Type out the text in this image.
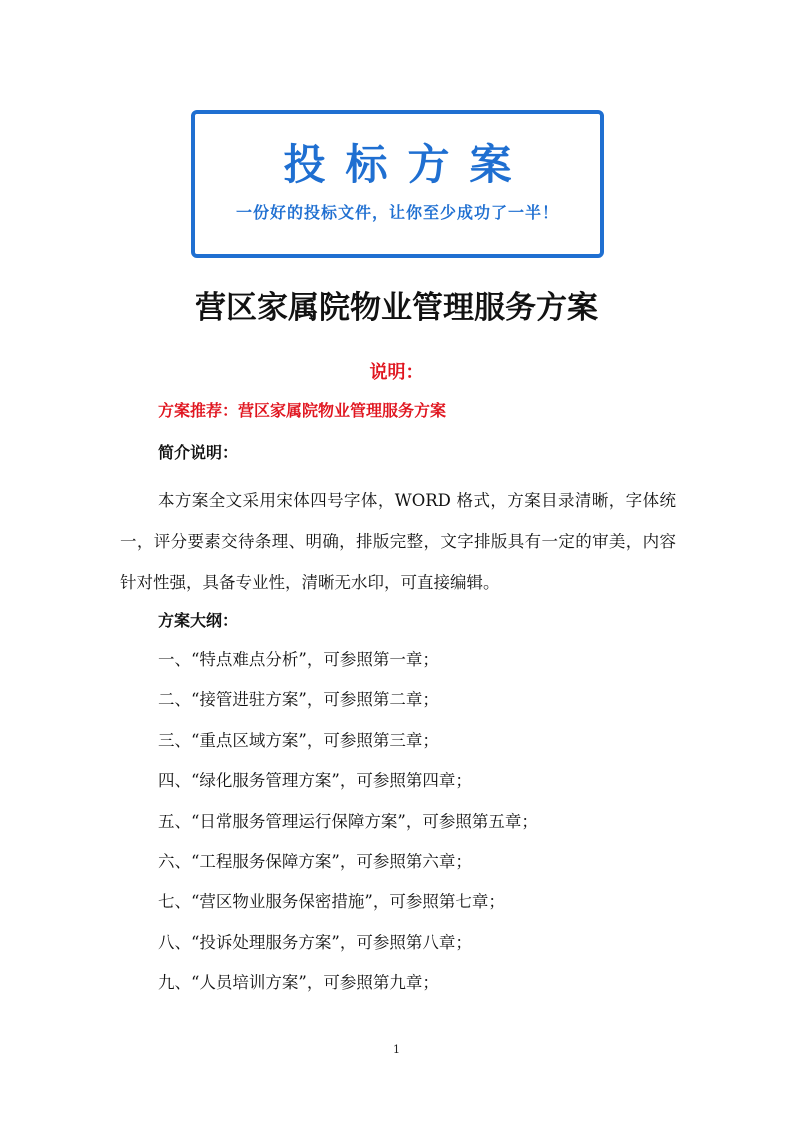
投标方案
一份好的投标文件，让你至少成功了一半！
营区家属院物业管理服务方案
说明：
方案推荐：营区家属院物业管理服务方案
简介说明：

本方案全文采用宋体四号字体，WORD 格式，方案目录清晰，字体统一，评分要素交待条理、明确，排版完整，文字排版具有一定的审美，内容针对性强，具备专业性，清晰无水印，可直接编辑。

方案大纲：
一、“特点难点分析”，可参照第一章；
二、“接管进驻方案”，可参照第二章；
三、“重点区域方案”，可参照第三章；
四、“绿化服务管理方案”，可参照第四章；
五、“日常服务管理运行保障方案”，可参照第五章；
六、“工程服务保障方案”，可参照第六章；
七、“营区物业服务保密措施”，可参照第七章；
八、“投诉处理服务方案”，可参照第八章；
九、“人员培训方案”，可参照第九章；
1
